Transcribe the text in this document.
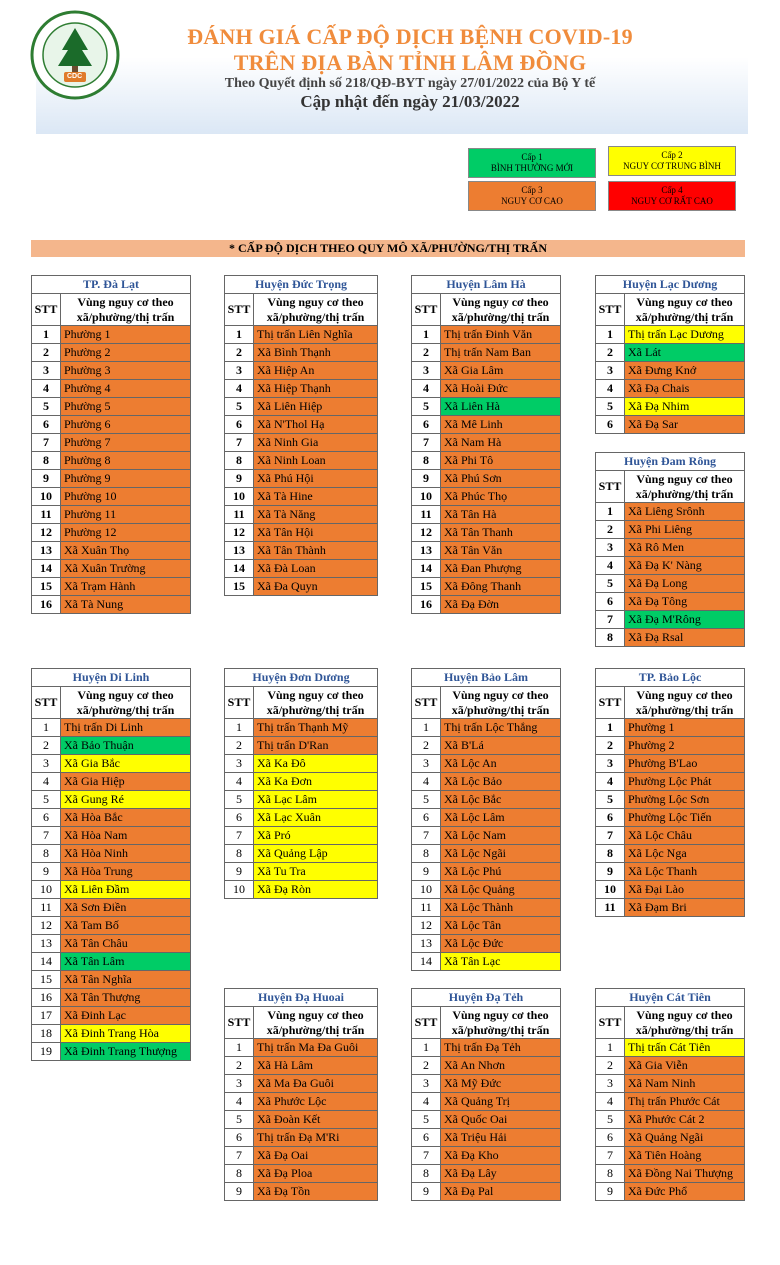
CDC
ĐÁNH GIÁ CẤP ĐỘ DỊCH BỆNH COVID-19
TRÊN ĐỊA BÀN TỈNH LÂM ĐỒNG
Theo Quyết định số 218/QĐ-BYT ngày 27/01/2022 của Bộ Y tế
Cập nhật đến ngày 21/03/2022
Cấp 1
BÌNH THƯỜNG MỚI
Cấp 2
NGUY CƠ TRUNG BÌNH
Cấp 3
NGUY CƠ CAO
Cấp 4
NGUY CƠ RẤT CAO
* CẤP ĐỘ DỊCH THEO QUY MÔ XÃ/PHƯỜNG/THỊ TRẤN
TP. Đà Lạt	
STT	Vùng nguy cơ theo xã/phường/thị trấn
1	Phường 1
2	Phường 2
3	Phường 3
4	Phường 4
5	Phường 5
6	Phường 6
7	Phường 7
8	Phường 8
9	Phường 9
10	Phường 10
11	Phường 11
12	Phường 12
13	Xã Xuân Thọ
14	Xã Xuân Trường
15	Xã Trạm Hành
16	Xã Tà Nung
Huyện Đức Trọng	
STT	Vùng nguy cơ theo xã/phường/thị trấn
1	Thị trấn Liên Nghĩa
2	Xã Bình Thạnh
3	Xã Hiệp An
4	Xã Hiệp Thạnh
5	Xã Liên Hiệp
6	Xã N'Thol Hạ
7	Xã Ninh Gia
8	Xã Ninh Loan
9	Xã Phú Hội
10	Xã Tà Hine
11	Xã Tà Năng
12	Xã Tân Hội
13	Xã Tân Thành
14	Xã Đà Loan
15	Xã Đa Quyn
Huyện Lâm Hà	
STT	Vùng nguy cơ theo xã/phường/thị trấn
1	Thị trấn Đinh Văn
2	Thị trấn Nam Ban
3	Xã Gia Lâm
4	Xã Hoài Đức
5	Xã Liên Hà
6	Xã Mê Linh
7	Xã Nam Hà
8	Xã Phi Tô
9	Xã Phú Sơn
10	Xã Phúc Thọ
11	Xã Tân Hà
12	Xã Tân Thanh
13	Xã Tân Văn
14	Xã Đan Phượng
15	Xã Đông Thanh
16	Xã Đạ Đờn
Huyện Lạc Dương	
STT	Vùng nguy cơ theo xã/phường/thị trấn
1	Thị trấn Lạc Dương
2	Xã Lát
3	Xã Đưng Knớ
4	Xã Đạ Chais
5	Xã Đạ Nhim
6	Xã Đạ Sar
Huyện Đam Rông	
STT	Vùng nguy cơ theo xã/phường/thị trấn
1	Xã Liêng Srônh
2	Xã Phi Liêng
3	Xã Rô Men
4	Xã Đạ K' Nàng
5	Xã Đạ Long
6	Xã Đạ Tông
7	Xã Đạ M'Rông
8	Xã Đạ Rsal
Huyện Di Linh	
STT	Vùng nguy cơ theo xã/phường/thị trấn
1	Thị trấn Di Linh
2	Xã Bảo Thuận
3	Xã Gia Bắc
4	Xã Gia Hiệp
5	Xã Gung Ré
6	Xã Hòa Bắc
7	Xã Hòa Nam
8	Xã Hòa Ninh
9	Xã Hòa Trung
10	Xã Liên Đầm
11	Xã Sơn Điền
12	Xã Tam Bố
13	Xã Tân Châu
14	Xã Tân Lâm
15	Xã Tân Nghĩa
16	Xã Tân Thượng
17	Xã Đinh Lạc
18	Xã Đinh Trang Hòa
19	Xã Đinh Trang Thượng
Huyện Đơn Dương	
STT	Vùng nguy cơ theo xã/phường/thị trấn
1	Thị trấn Thạnh Mỹ
2	Thị trấn D'Ran
3	Xã Ka Đô
4	Xã Ka Đơn
5	Xã Lạc Lâm
6	Xã Lạc Xuân
7	Xã Pró
8	Xã Quảng Lập
9	Xã Tu Tra
10	Xã Đạ Ròn
Huyện Bảo Lâm	
STT	Vùng nguy cơ theo xã/phường/thị trấn
1	Thị trấn Lộc Thắng
2	Xã B'Lá
3	Xã Lộc An
4	Xã Lộc Bảo
5	Xã Lộc Bắc
6	Xã Lộc Lâm
7	Xã Lộc Nam
8	Xã Lộc Ngãi
9	Xã Lộc Phú
10	Xã Lộc Quảng
11	Xã Lộc Thành
12	Xã Lộc Tân
13	Xã Lộc Đức
14	Xã Tân Lạc
TP. Bảo Lộc	
STT	Vùng nguy cơ theo xã/phường/thị trấn
1	Phường 1
2	Phường 2
3	Phường B'Lao
4	Phường Lộc Phát
5	Phường Lộc Sơn
6	Phường Lộc Tiến
7	Xã Lộc Châu
8	Xã Lộc Nga
9	Xã Lộc Thanh
10	Xã Đại Lào
11	Xã Đạm Bri
Huyện Đạ Huoai	
STT	Vùng nguy cơ theo xã/phường/thị trấn
1	Thị trấn Ma Đa Guôi
2	Xã Hà Lâm
3	Xã Ma Đa Guôi
4	Xã Phước Lộc
5	Xã Đoàn Kết
6	Thị trấn Đạ M'Ri
7	Xã Đạ Oai
8	Xã Đạ Ploa
9	Xã Đạ Tồn
Huyện Đạ Tẻh	
STT	Vùng nguy cơ theo xã/phường/thị trấn
1	Thị trấn Đạ Tẻh
2	Xã An Nhơn
3	Xã Mỹ Đức
4	Xã Quảng Trị
5	Xã Quốc Oai
6	Xã Triệu Hải
7	Xã Đạ Kho
8	Xã Đạ Lây
9	Xã Đạ Pal
Huyện Cát Tiên	
STT	Vùng nguy cơ theo xã/phường/thị trấn
1	Thị trấn Cát Tiên
2	Xã Gia Viễn
3	Xã Nam Ninh
4	Thị trấn Phước Cát
5	Xã Phước Cát 2
6	Xã Quảng Ngãi
7	Xã Tiên Hoàng
8	Xã Đồng Nai Thượng
9	Xã Đức Phổ
